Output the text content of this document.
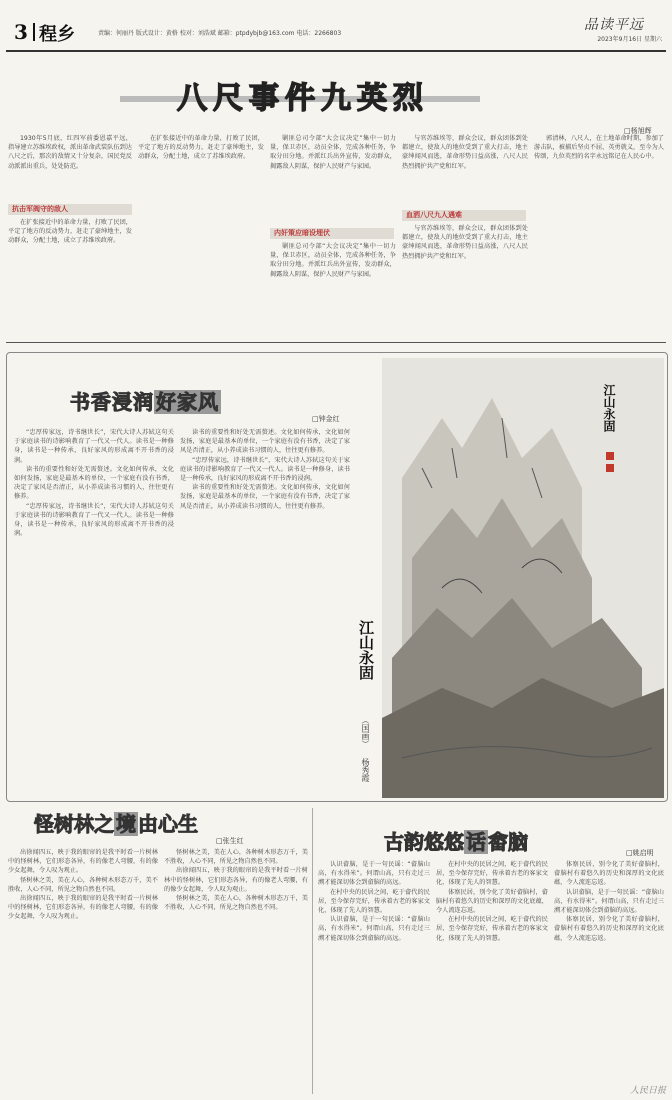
3 程乡	责编：何丽丹 版式设计：黄格 校对：刘浩斌 邮箱：ptpdybjb@163.com 电话：2266803
品读平远
2023年9月16日 星期六
八尺事件九英烈
□杨旭辉
1930年5月底，红四军前委恩嘉平远，指导建立苏维埃政权，派出革命武装队伍到达八尺之后，那次的敌情又十分复杂，国民党反动派派出重兵，处处防范。
抗击军阀守的敌人
在扩张接近中的革命力量，打败了民团，平定了地方的反动势力，赶走了豪绅地主，发动群众，分配土地，成立了苏维埃政府。
在扩张接近中的革命力量，打败了民团，平定了地方的反动势力，赶走了豪绅地主，发动群众，分配土地，成立了苏维埃政府。
剿匪总司令部“大会议决定”集中一切力量，保卫赤区，动员全体，完成各种任务，争取分田分地。并派红兵出外宣传，发动群众，揭露敌人阴谋，保护人民财产与家园。
内奸策应暗设埋伏
剿匪总司令部“大会议决定”集中一切力量，保卫赤区，动员全体，完成各种任务，争取分田分地。并派红兵出外宣传，发动群众，揭露敌人阴谋，保护人民财产与家园。
与官苏维埃等，群众会议，群众团体到处都建立，使敌人的地位受到了重大打击，地主豪绅闻风而逃，革命形势日益高涨，八尺人民热烈拥护共产党和红军。
血洒八尺九人遇难
与官苏维埃等，群众会议，群众团体到处都建立，使敌人的地位受到了重大打击，地主豪绅闻风而逃，革命形势日益高涨，八尺人民热烈拥护共产党和红军。
郭清林，八尺人，在土地革命时期，参加了游击队，被捕后坚贞不屈，英勇就义，至今为人传颂，九位英烈的名字永远铭记在人民心中。
书香浸润 好家风
□钟金红
“忠厚传家远，诗书继世长”，宋代大诗人苏轼这句关于家庭读书的诗影响教育了一代又一代人。读书是一种修身，读书是一种传承，良好家风的形成离不开书香的浸润。
读书的重要性和好处无需赘述。文化如何传承，文化如何发扬，家庭是最基本的单位，一个家庭有没有书香，决定了家风是否清正，从小养成读书习惯的人，往往更有修养。
“忠厚传家远，诗书继世长”，宋代大诗人苏轼这句关于家庭读书的诗影响教育了一代又一代人。读书是一种修身，读书是一种传承，良好家风的形成离不开书香的浸润。
读书的重要性和好处无需赘述。文化如何传承，文化如何发扬，家庭是最基本的单位，一个家庭有没有书香，决定了家风是否清正，从小养成读书习惯的人，往往更有修养。
“忠厚传家远，诗书继世长”，宋代大诗人苏轼这句关于家庭读书的诗影响教育了一代又一代人。读书是一种修身，读书是一种传承，良好家风的形成离不开书香的浸润。
读书的重要性和好处无需赘述。文化如何传承，文化如何发扬，家庭是最基本的单位，一个家庭有没有书香，决定了家风是否清正，从小养成读书习惯的人，往往更有修养。
江山永固
（国画）
杨秀霞
江山永固
怪树林之 境 由心生
□张生红
出徐闻四五，映于我的眼帘的是我平时看一片树林中的怪树林，它们形态各异，有的像老人弯腰，有的像少女起舞，令人叹为观止。
怪树林之美，美在人心，各种树木形态万千，美不胜收，人心不同，所见之物自然也不同。
出徐闻四五，映于我的眼帘的是我平时看一片树林中的怪树林，它们形态各异，有的像老人弯腰，有的像少女起舞，令人叹为观止。
怪树林之美，美在人心，各种树木形态万千，美不胜收，人心不同，所见之物自然也不同。
出徐闻四五，映于我的眼帘的是我平时看一片树林中的怪树林，它们形态各异，有的像老人弯腰，有的像少女起舞，令人叹为观止。
怪树林之美，美在人心，各种树木形态万千，美不胜收，人心不同，所见之物自然也不同。
古韵悠悠 话 畲脑	□姚启明
认识畲脑，是于一句民谣：“畲脑山高，有水得米”。何谓山高，只有走过三溯才能深切体会到畲脑的高远。
在村中央的民居之间，屹于畲代的民居，至今保存完好，传承着古老的客家文化，体现了先人的智慧。
认识畲脑，是于一句民谣：“畲脑山高，有水得米”。何谓山高，只有走过三溯才能深切体会到畲脑的高远。
在村中央的民居之间，屹于畲代的民居，至今保存完好，传承着古老的客家文化，体现了先人的智慧。
体察民居，别令化了美好畲脑村，畲脑村有着悠久的历史和深厚的文化底蕴，令人流连忘返。
在村中央的民居之间，屹于畲代的民居，至今保存完好，传承着古老的客家文化，体现了先人的智慧。
体察民居，别令化了美好畲脑村，畲脑村有着悠久的历史和深厚的文化底蕴，令人流连忘返。
认识畲脑，是于一句民谣：“畲脑山高，有水得米”。何谓山高，只有走过三溯才能深切体会到畲脑的高远。
体察民居，别令化了美好畲脑村，畲脑村有着悠久的历史和深厚的文化底蕴，令人流连忘返。
人民日报
